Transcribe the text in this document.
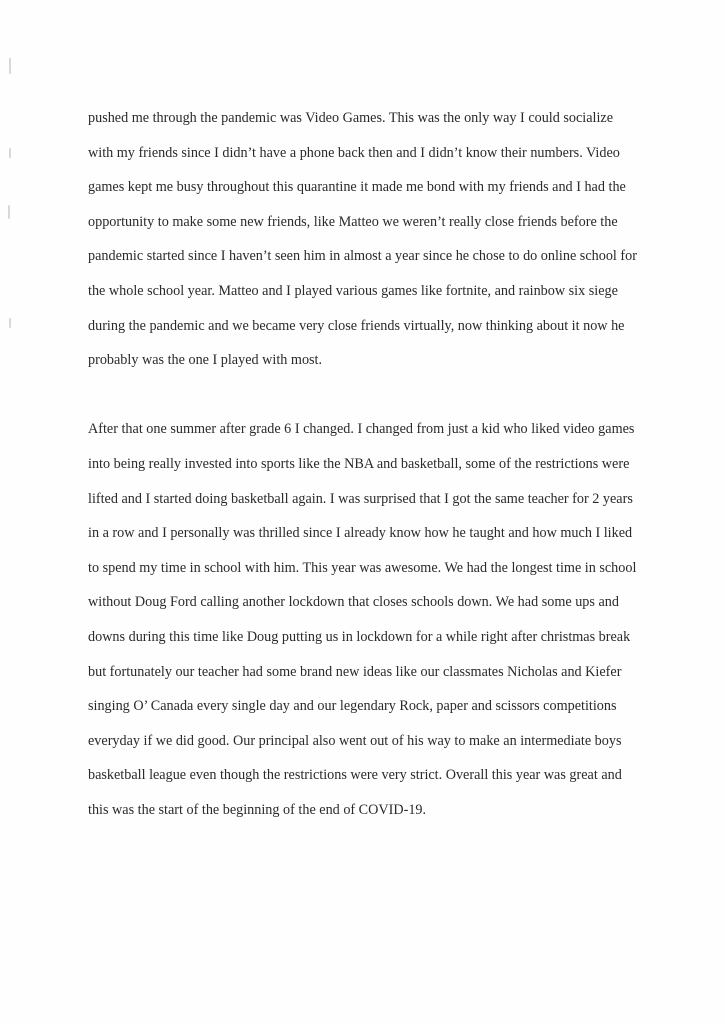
pushed me through the pandemic was Video Games. This was the only way I could socialize
with my friends since I didn’t have a phone back then and I didn’t know their numbers. Video
games kept me busy throughout this quarantine it made me bond with my friends and I had the
opportunity to make some new friends, like Matteo we weren’t really close friends before the
pandemic started since I haven’t seen him in almost a year since he chose to do online school for
the whole school year. Matteo and I played various games like fortnite, and rainbow six siege
during the pandemic and we became very close friends virtually, now thinking about it now he
probably was the one I played with most.
After that one summer after grade 6 I changed. I changed from just a kid who liked video games
into being really invested into sports like the NBA and basketball, some of the restrictions were
lifted and I started doing basketball again. I was surprised that I got the same teacher for 2 years
in a row and I personally was thrilled since I already know how he taught and how much I liked
to spend my time in school with him. This year was awesome. We had the longest time in school
without Doug Ford calling another lockdown that closes schools down. We had some ups and
downs during this time like Doug putting us in lockdown for a while right after christmas break
but fortunately our teacher had some brand new ideas like our classmates Nicholas and Kiefer
singing O’ Canada every single day and our legendary Rock, paper and scissors competitions
everyday if we did good. Our principal also went out of his way to make an intermediate boys
basketball league even though the restrictions were very strict. Overall this year was great and
this was the start of the beginning of the end of COVID-19.
